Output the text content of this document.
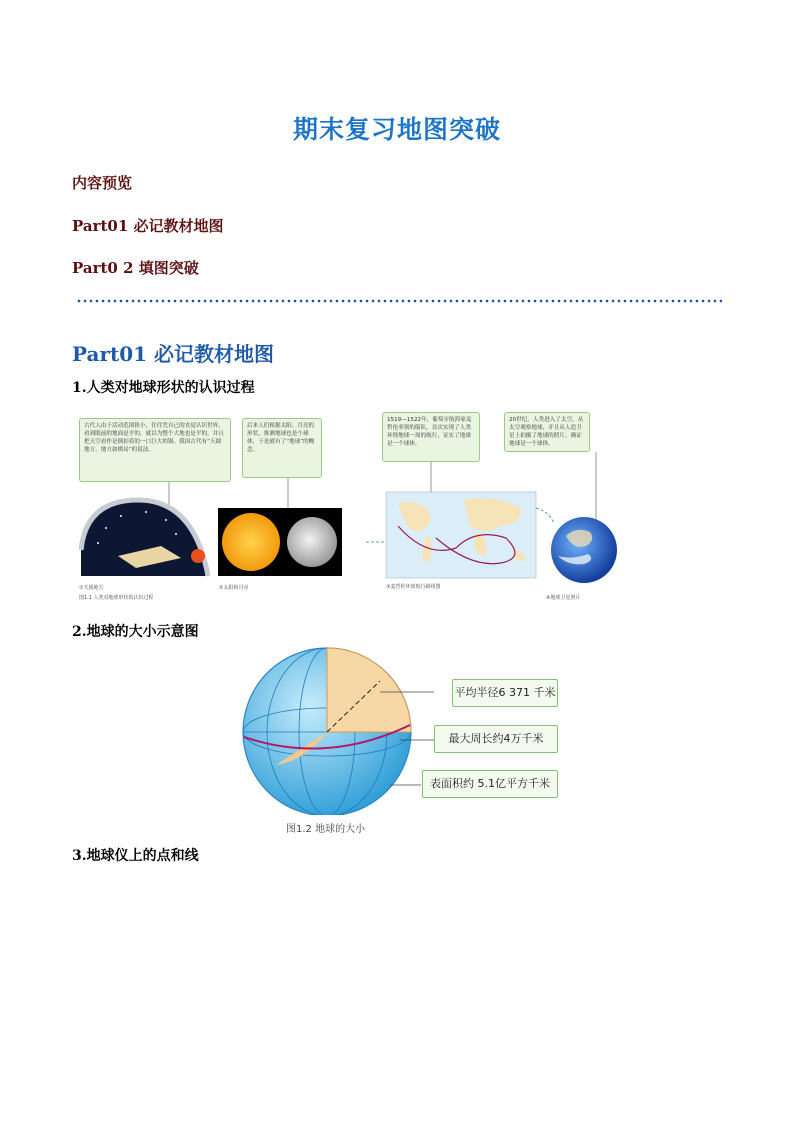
期末复习地图突破
内容预览
Part01 必记教材地图
Part0 2 填图突破
Part01 必记教材地图
1.人类对地球形状的认识过程
古代人由于活动范围狭小，往往凭自己的直觉认识世界，看到眼前的地面是平的，就以为整个大地也是平的，并且把天空看作是倒扣着的一口巨大的锅。我国古代有“天圆地方，地方如棋局”的说法。
后来人们根据太阳、月亮的形状，推测地球也是个球体，于是就有了“地球”的概念。
1519—1522年，葡萄牙航海家麦哲伦率领的船队，首次实现了人类环绕地球一周的航行，证实了地球是一个球体。
20世纪，人类进入了太空，从太空观察地球，并且从人造卫星上拍摄了地球的照片，确证地球是一个球体。
①天圆地方	②太阳和月亮	③麦哲伦环球航行路线图
④地球卫星照片
图1.1 人类对地球形状的认识过程
2.地球的大小示意图
平均半径6 371 千米
最大周长约4万千米
表面积约 5.1亿平方千米
图1.2 地球的大小
3.地球仪上的点和线
